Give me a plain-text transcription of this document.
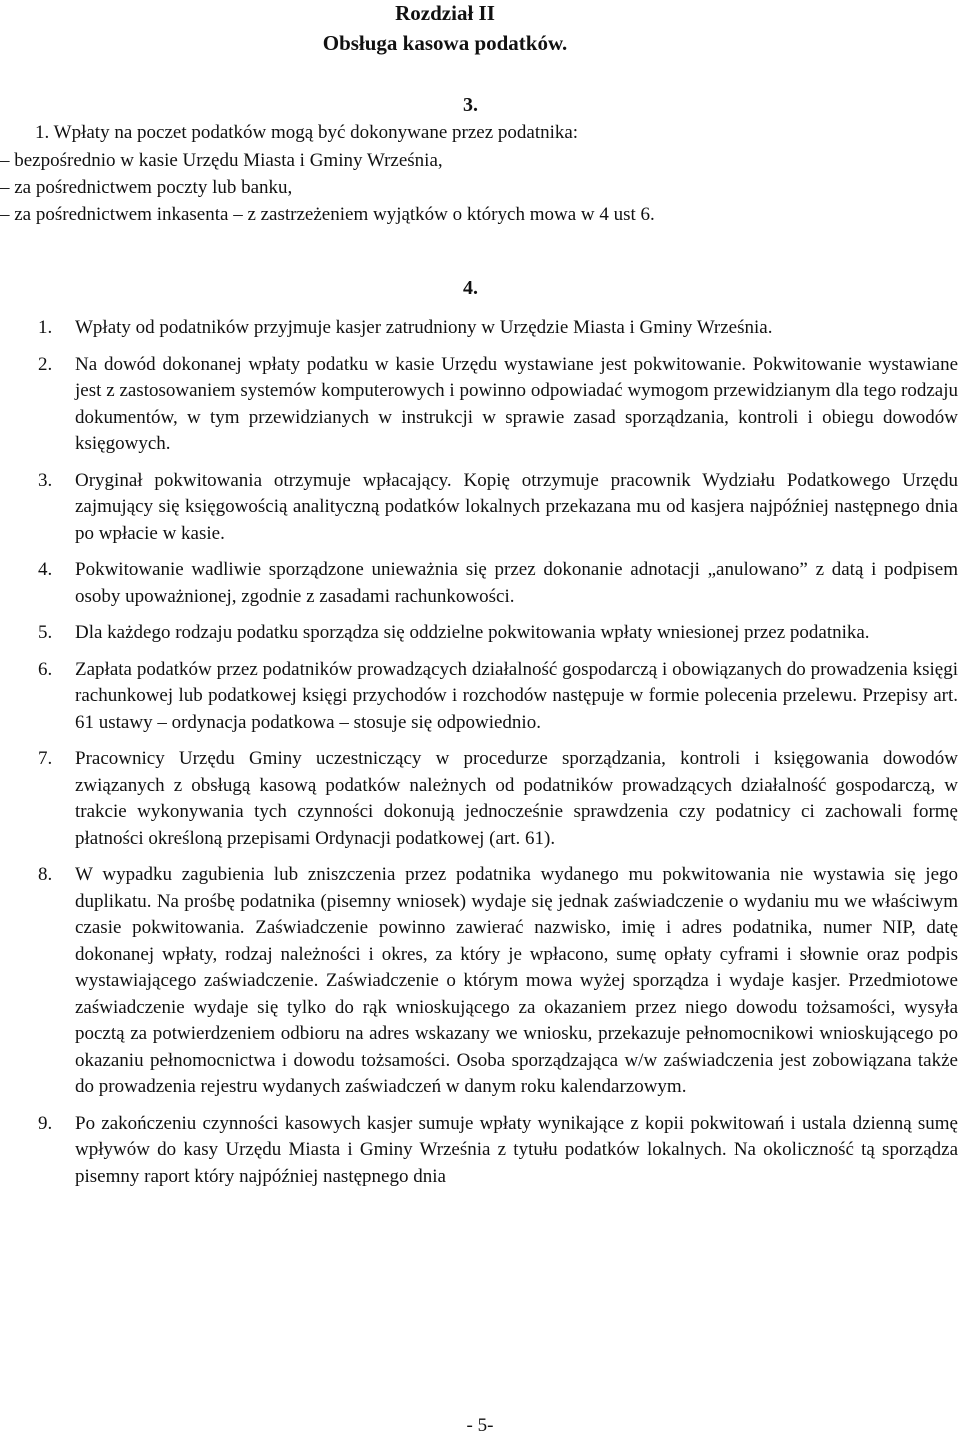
Rozdział II
Obsługa kasowa podatków.
3.
1. Wpłaty na poczet podatków mogą być dokonywane przez podatnika:
– bezpośrednio w kasie Urzędu Miasta i Gminy Września,
– za pośrednictwem poczty lub banku,
– za pośrednictwem inkasenta – z zastrzeżeniem wyjątków o których mowa w 4 ust 6.
4.
1. Wpłaty od podatników przyjmuje kasjer zatrudniony w Urzędzie Miasta i Gminy Września.
2. Na dowód dokonanej wpłaty podatku w kasie Urzędu wystawiane jest pokwitowanie. Pokwitowanie wystawiane jest z zastosowaniem systemów komputerowych i powinno odpowiadać wymogom przewidzianym dla tego rodzaju dokumentów, w tym przewidzianych w instrukcji w sprawie zasad sporządzania, kontroli i obiegu dowodów księgowych.
3. Oryginał pokwitowania otrzymuje wpłacający. Kopię otrzymuje pracownik Wydziału Podatkowego Urzędu zajmujący się księgowością analityczną podatków lokalnych przekazana mu od kasjera najpóźniej następnego dnia po wpłacie w kasie.
4. Pokwitowanie wadliwie sporządzone unieważnia się przez dokonanie adnotacji „anulowano” z datą i podpisem osoby upoważnionej, zgodnie z zasadami rachunkowości.
5. Dla każdego rodzaju podatku sporządza się oddzielne pokwitowania wpłaty wniesionej przez podatnika.
6. Zapłata podatków przez podatników prowadzących działalność gospodarczą i obowiązanych do prowadzenia księgi rachunkowej lub podatkowej księgi przychodów i rozchodów następuje w formie polecenia przelewu. Przepisy art. 61 ustawy – ordynacja podatkowa – stosuje się odpowiednio.
7. Pracownicy Urzędu Gminy uczestniczący w procedurze sporządzania, kontroli i księgowania dowodów związanych z obsługą kasową podatków należnych od podatników prowadzących działalność gospodarczą, w trakcie wykonywania tych czynności dokonują jednocześnie sprawdzenia czy podatnicy ci zachowali formę płatności określoną przepisami Ordynacji podatkowej (art. 61).
8. W wypadku zagubienia lub zniszczenia przez podatnika wydanego mu pokwitowania nie wystawia się jego duplikatu. Na prośbę podatnika (pisemny wniosek) wydaje się jednak zaświadczenie o wydaniu mu we właściwym czasie pokwitowania. Zaświadczenie powinno zawierać nazwisko, imię i adres podatnika, numer NIP, datę dokonanej wpłaty, rodzaj należności i okres, za który je wpłacono, sumę opłaty cyframi i słownie oraz podpis wystawiającego zaświadczenie. Zaświadczenie o którym mowa wyżej sporządza i wydaje kasjer. Przedmiotowe zaświadczenie wydaje się tylko do rąk wnioskującego za okazaniem przez niego dowodu tożsamości, wysyła pocztą za potwierdzeniem odbioru na adres wskazany we wniosku, przekazuje pełnomocnikowi wnioskującego po okazaniu pełnomocnictwa i dowodu tożsamości. Osoba sporządzająca w/w zaświadczenia jest zobowiązana także do prowadzenia rejestru wydanych zaświadczeń w danym roku kalendarzowym.
9. Po zakończeniu czynności kasowych kasjer sumuje wpłaty wynikające z kopii pokwitowań i ustala dzienną sumę wpływów do kasy Urzędu Miasta i Gminy Września z tytułu podatków lokalnych. Na okoliczność tą sporządza pisemny raport który najpóźniej następnego dnia
- 5-
